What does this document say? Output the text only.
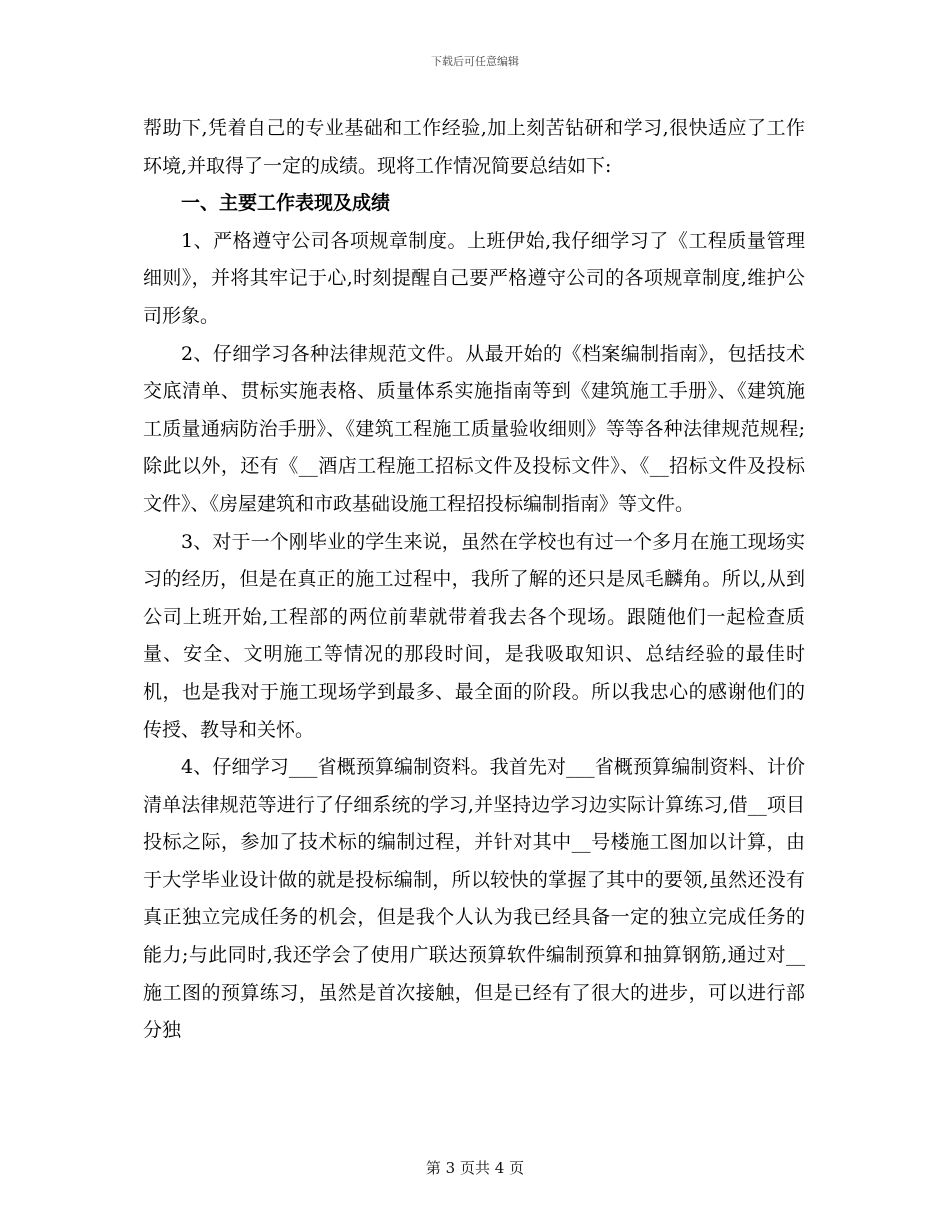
下载后可任意编辑

帮助下,凭着自己的专业基础和工作经验,加上刻苦钻研和学习,很快适应了工作环境,并取得了一定的成绩。现将工作情况简要总结如下:

一、主要工作表现及成绩

1、严格遵守公司各项规章制度。上班伊始,我仔细学习了《工程质量管理细则》，并将其牢记于心,时刻提醒自己要严格遵守公司的各项规章制度,维护公司形象。

2、仔细学习各种法律规范文件。从最开始的《档案编制指南》，包括技术交底清单、贯标实施表格、质量体系实施指南等到《建筑施工手册》、《建筑施工质量通病防治手册》、《建筑工程施工质量验收细则》等等各种法律规范规程;除此以外，还有《__酒店工程施工招标文件及投标文件》、《__招标文件及投标文件》、《房屋建筑和市政基础设施工程招投标编制指南》等文件。

3、对于一个刚毕业的学生来说，虽然在学校也有过一个多月在施工现场实习的经历，但是在真正的施工过程中，我所了解的还只是凤毛麟角。所以,从到公司上班开始,工程部的两位前辈就带着我去各个现场。跟随他们一起检查质量、安全、文明施工等情况的那段时间，是我吸取知识、总结经验的最佳时机，也是我对于施工现场学到最多、最全面的阶段。所以我忠心的感谢他们的传授、教导和关怀。

4、仔细学习___省概预算编制资料。我首先对___省概预算编制资料、计价清单法律规范等进行了仔细系统的学习,并坚持边学习边实际计算练习,借__项目投标之际，参加了技术标的编制过程，并针对其中__号楼施工图加以计算，由于大学毕业设计做的就是投标编制，所以较快的掌握了其中的要领,虽然还没有真正独立完成任务的机会，但是我个人认为我已经具备一定的独立完成任务的能力;与此同时,我还学会了使用广联达预算软件编制预算和抽算钢筋,通过对__施工图的预算练习，虽然是首次接触，但是已经有了很大的进步，可以进行部分独

第 3 页共 4 页
